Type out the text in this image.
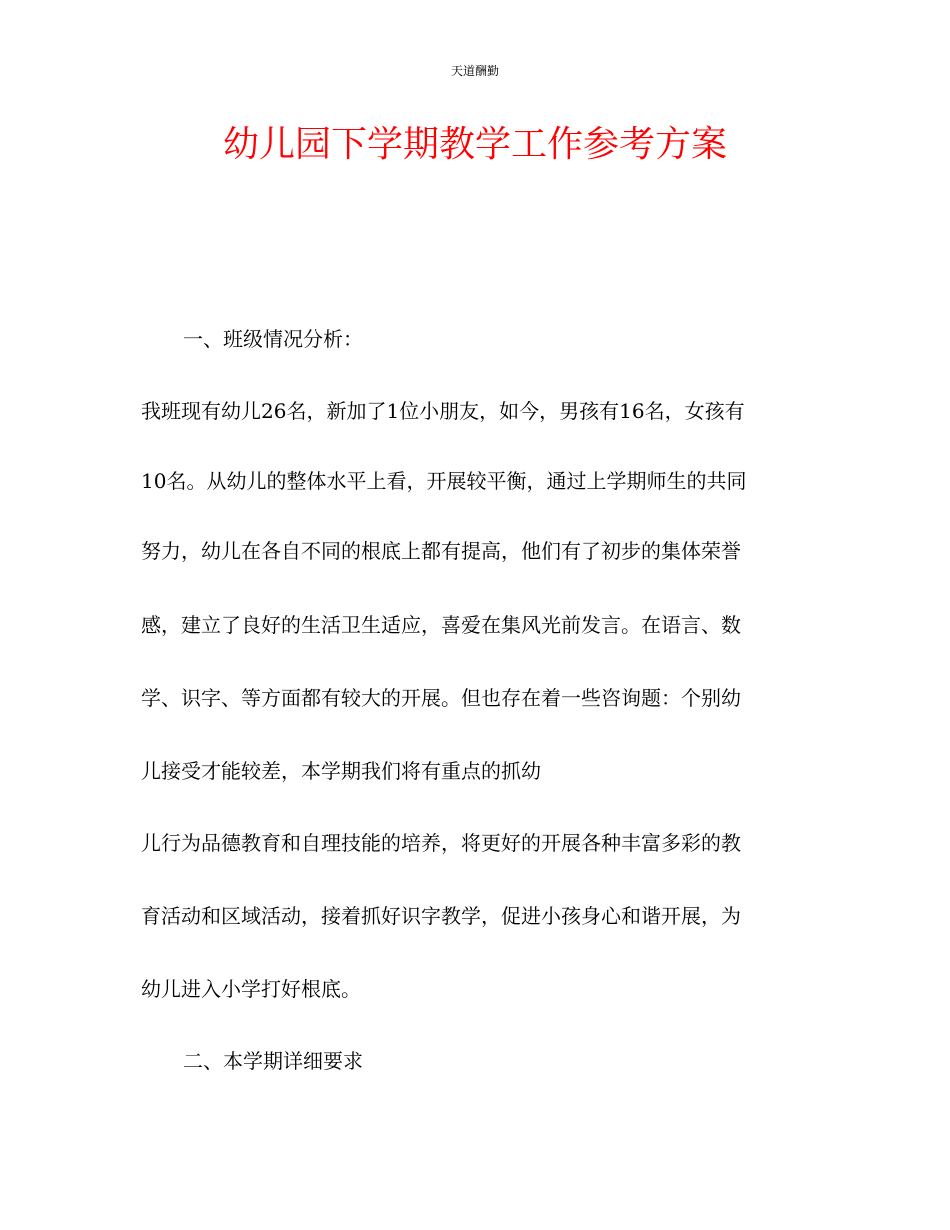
天道酬勤
幼儿园下学期教学工作参考方案
一、班级情况分析：
我班现有幼儿26名，新加了1位小朋友，如今，男孩有16名，女孩有
10名。从幼儿的整体水平上看，开展较平衡，通过上学期师生的共同
努力，幼儿在各自不同的根底上都有提高，他们有了初步的集体荣誉
感，建立了良好的生活卫生适应，喜爱在集风光前发言。在语言、数
学、识字、等方面都有较大的开展。但也存在着一些咨询题：个别幼
儿接受才能较差，本学期我们将有重点的抓幼
儿行为品德教育和自理技能的培养，将更好的开展各种丰富多彩的教
育活动和区域活动，接着抓好识字教学，促进小孩身心和谐开展，为
幼儿进入小学打好根底。
二、本学期详细要求
